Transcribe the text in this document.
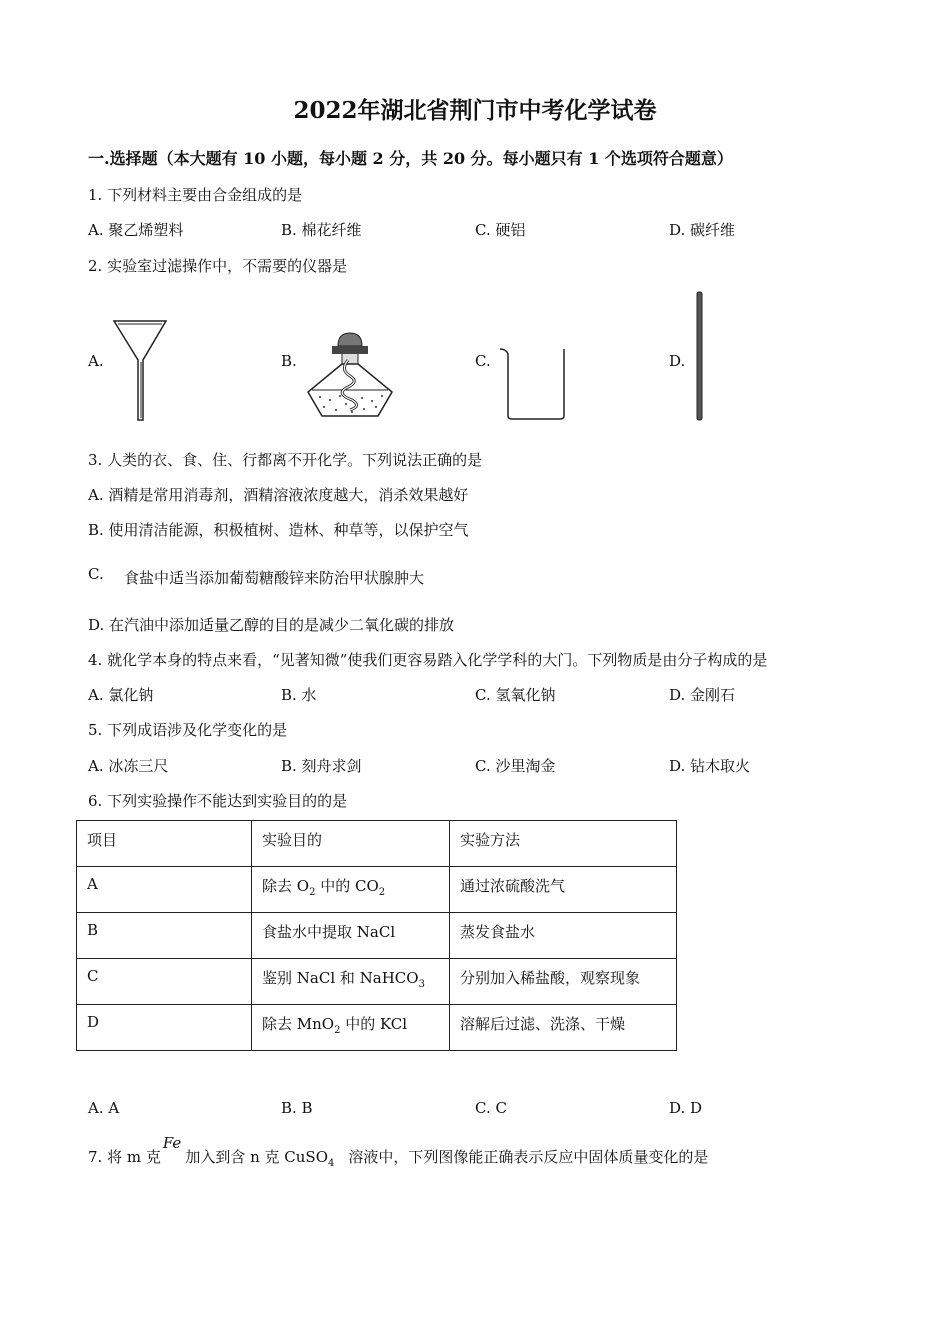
2022年湖北省荆门市中考化学试卷
一.选择题（本大题有 10 小题，每小题 2 分，共 20 分。每小题只有 1 个选项符合题意）
1. 下列材料主要由合金组成的是
A. 聚乙烯塑料	B. 棉花纤维	C. 硬铝	D. 碳纤维
2. 实验室过滤操作中，不需要的仪器是
A.	B.	C.	D.
3. 人类的衣、食、住、行都离不开化学。下列说法正确的是
A. 酒精是常用消毒剂，酒精溶液浓度越大，消杀效果越好
B. 使用清洁能源，积极植树、造林、种草等，以保护空气
C. 食盐中适当添加葡萄糖酸锌来防治甲状腺肿大
D. 在汽油中添加适量乙醇的目的是减少二氧化碳的排放
4. 就化学本身的特点来看，“见著知微”使我们更容易踏入化学学科的大门。下列物质是由分子构成的是
A. 氯化钠	B. 水	C. 氢氧化钠	D. 金刚石
5. 下列成语涉及化学变化的是
A. 冰冻三尺	B. 刻舟求剑	C. 沙里淘金	D. 钻木取火
6. 下列实验操作不能达到实验目的的是
项目	实验目的	实验方法
A	除去 $O_2$ 中的 $CO_2$	通过浓硫酸洗气
B	食盐水中提取 NaCl	蒸发食盐水
C	鉴别 NaCl 和 NaHCO$_3$	分别加入稀盐酸，观察现象
D	除去 MnO$_2$ 中的 KCl	溶解后过滤、洗涤、干燥
A. A	B. B	C. C	D. D
7. 将 m 克Fe加入到含 n 克 CuSO$_4$ 溶液中，下列图像能正确表示反应中固体质量变化的是
